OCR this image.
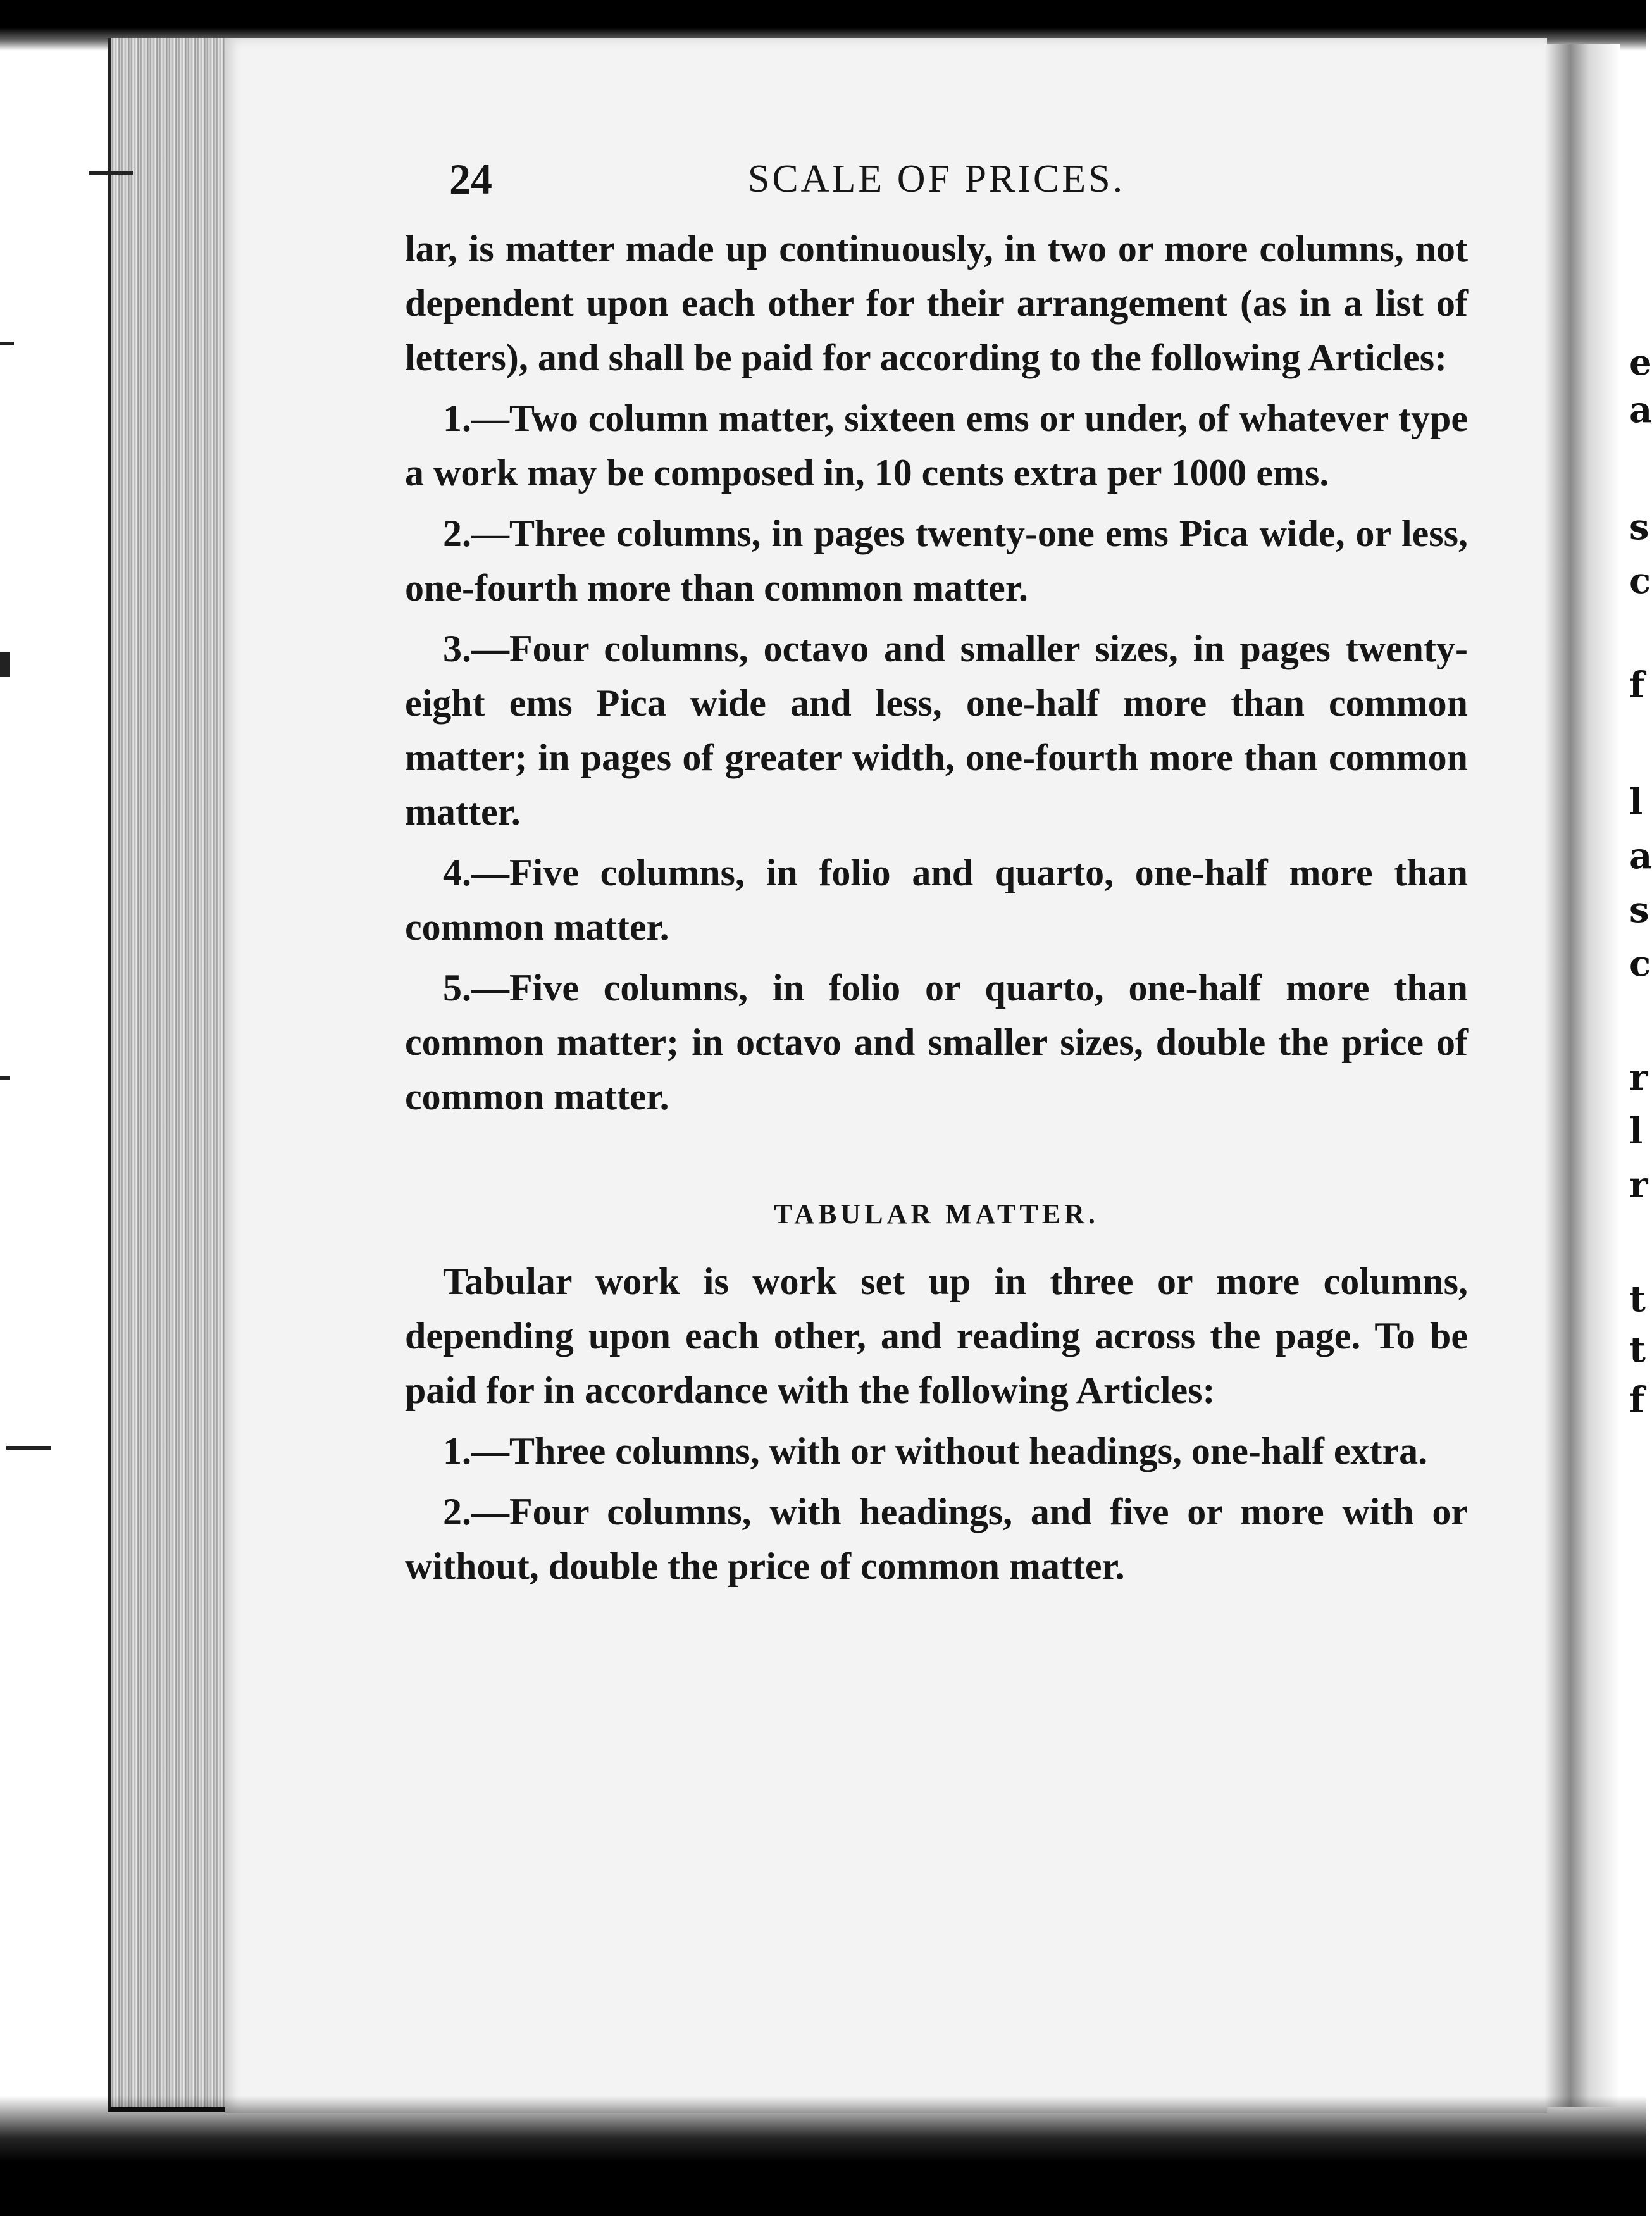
e
a
s
c
f
l
a
s
c
r
l
r
t
t
f
24	SCALE OF PRICES.

lar, is matter made up continuously, in two or more columns, not dependent upon each other for their arrangement (as in a list of letters), and shall be paid for according to the following Articles:

1.—Two column matter, sixteen ems or under, of whatever type a work may be composed in, 10 cents extra per 1000 ems.

2.—Three columns, in pages twenty-one ems Pica wide, or less, one-fourth more than common matter.

3.—Four columns, octavo and smaller sizes, in pages twenty-eight ems Pica wide and less, one-half more than common matter; in pages of greater width, one-fourth more than common matter.

4.—Five columns, in folio and quarto, one-half more than common matter.

5.—Five columns, in folio or quarto, one-half more than common matter; in octavo and smaller sizes, double the price of common matter.

TABULAR MATTER.

Tabular work is work set up in three or more columns, depending upon each other, and reading across the page. To be paid for in accordance with the following Articles:

1.—Three columns, with or without headings, one-half extra.

2.—Four columns, with headings, and five or more with or without, double the price of common matter.
